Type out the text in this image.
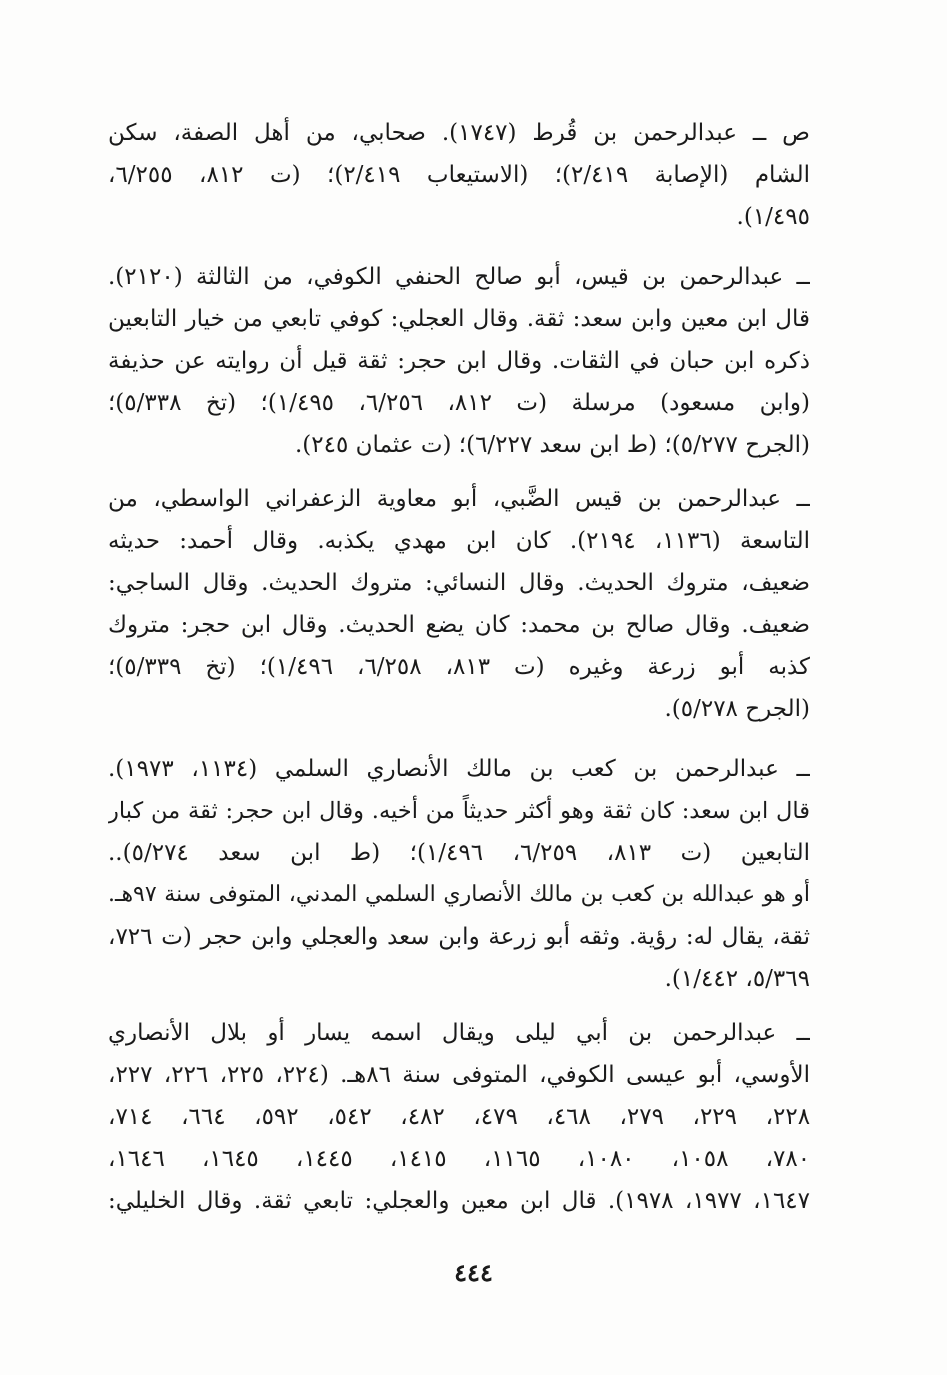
ص ــ عبدالرحمن بن قُرط (١٧٤٧). صحابي، من أهل الصفة، سكن
الشام (الإصابة ٢/٤١٩)؛ (الاستيعاب ٢/٤١٩)؛ (ت ٨١٢، ٦/٢٥٥،
١/٤٩٥).
ــ عبدالرحمن بن قيس، أبو صالح الحنفي الكوفي، من الثالثة (٢١٢٠).
قال ابن معين وابن سعد: ثقة. وقال العجلي: كوفي تابعي من خيار التابعين
ذكره ابن حبان في الثقات. وقال ابن حجر: ثقة قيل أن روايته عن حذيفة
(وابن مسعود) مرسلة (ت ٨١٢، ٦/٢٥٦، ١/٤٩٥)؛ (تخ ٥/٣٣٨)؛
(الجرح ٥/٢٧٧)؛ (ط ابن سعد ٦/٢٢٧)؛ (ت عثمان ٢٤٥).
ــ عبدالرحمن بن قيس الضَّبي، أبو معاوية الزعفراني الواسطي، من
التاسعة (١١٣٦، ٢١٩٤). كان ابن مهدي يكذبه. وقال أحمد: حديثه
ضعيف، متروك الحديث. وقال النسائي: متروك الحديث. وقال الساجي:
ضعيف. وقال صالح بن محمد: كان يضع الحديث. وقال ابن حجر: متروك
كذبه أبو زرعة وغيره (ت ٨١٣، ٦/٢٥٨، ١/٤٩٦)؛ (تخ ٥/٣٣٩)؛
(الجرح ٥/٢٧٨).
ــ عبدالرحمن بن كعب بن مالك الأنصاري السلمي (١١٣٤، ١٩٧٣).
قال ابن سعد: كان ثقة وهو أكثر حديثاً من أخيه. وقال ابن حجر: ثقة من كبار
التابعين (ت ٨١٣، ٦/٢٥٩، ١/٤٩٦)؛ (ط ابن سعد ٥/٢٧٤)..
أو هو عبدالله بن كعب بن مالك الأنصاري السلمي المدني، المتوفى سنة ٩٧هـ.
ثقة، يقال له: رؤية. وثقه أبو زرعة وابن سعد والعجلي وابن حجر (ت ٧٢٦،
٥/٣٦٩، ١/٤٤٢).
ــ عبدالرحمن بن أبي ليلى ويقال اسمه يسار أو بلال الأنصاري
الأوسي، أبو عيسى الكوفي، المتوفى سنة ٨٦هـ. (٢٢٤، ٢٢٥، ٢٢٦، ٢٢٧،
٢٢٨، ٢٢٩، ٢٧٩، ٤٦٨، ٤٧٩، ٤٨٢، ٥٤٢، ٥٩٢، ٦٦٤، ٧١٤،
٧٨٠، ١٠٥٨، ١٠٨٠، ١١٦٥، ١٤١٥، ١٤٤٥، ١٦٤٥، ١٦٤٦،
١٦٤٧، ١٩٧٧، ١٩٧٨). قال ابن معين والعجلي: تابعي ثقة. وقال الخليلي:
٤٤٤
